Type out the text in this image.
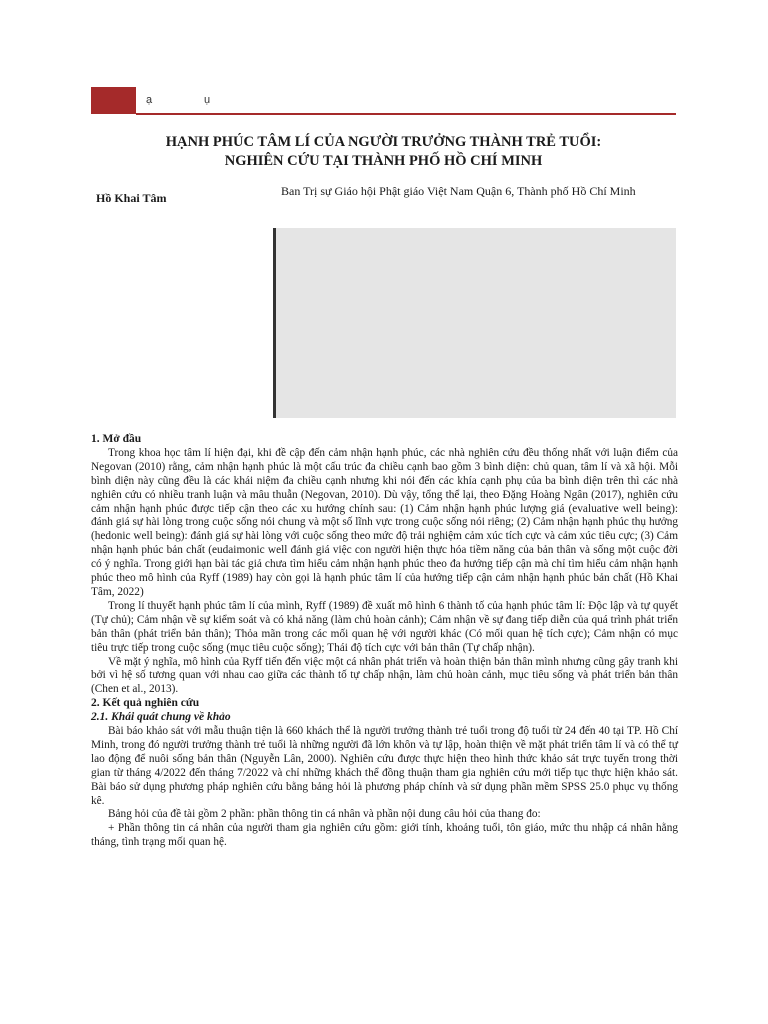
ạ	ụ
HẠNH PHÚC TÂM LÍ CỦA NGƯỜI TRƯỞNG THÀNH TRẺ TUỔI:
NGHIÊN CỨU TẠI THÀNH PHỐ HỒ CHÍ MINH
Hồ Khai Tâm	Ban Trị sự Giáo hội Phật giáo Việt Nam Quận 6, Thành phố Hồ Chí Minh
1. Mở đầu

Trong khoa học tâm lí hiện đại, khi đề cập đến cảm nhận hạnh phúc, các nhà nghiên cứu đều thống nhất với luận điểm của Negovan (2010) rằng, cảm nhận hạnh phúc là một cấu trúc đa chiều cạnh bao gồm 3 bình diện: chủ quan, tâm lí và xã hội. Mỗi bình diện này cũng đều là các khái niệm đa chiều cạnh nhưng khi nói đến các khía cạnh phụ của ba bình diện trên thì các nhà nghiên cứu có nhiều tranh luận và mâu thuẫn (Negovan, 2010). Dù vậy, tổng thể lại, theo Đặng Hoàng Ngân (2017), nghiên cứu cảm nhận hạnh phúc được tiếp cận theo các xu hướng chính sau: (1) Cảm nhận hạnh phúc lượng giá (evaluative well being): đánh giá sự hài lòng trong cuộc sống nói chung và một số lĩnh vực trong cuộc sống nói riêng; (2) Cảm nhận hạnh phúc thụ hưởng (hedonic well being): đánh giá sự hài lòng với cuộc sống theo mức độ trải nghiệm cảm xúc tích cực và cảm xúc tiêu cực; (3) Cảm nhận hạnh phúc bản chất (eudaimonic well đánh giá việc con người hiện thực hóa tiềm năng của bản thân và sống một cuộc đời có ý nghĩa. Trong giới hạn bài tác giả chưa tìm hiểu cảm nhận hạnh phúc theo đa hướng tiếp cận mà chỉ tìm hiểu cảm nhận hạnh phúc theo mô hình của Ryff (1989) hay còn gọi là hạnh phúc tâm lí của hướng tiếp cận cảm nhận hạnh phúc bản chất (Hồ Khai Tâm, 2022)

Trong lí thuyết hạnh phúc tâm lí của mình, Ryff (1989) đề xuất mô hình 6 thành tố của hạnh phúc tâm lí: Độc lập và tự quyết (Tự chủ); Cảm nhận về sự kiểm soát và có khả năng (làm chủ hoàn cảnh); Cảm nhận về sự đang tiếp diễn của quá trình phát triển bản thân (phát triển bản thân); Thỏa mãn trong các mối quan hệ với người khác (Có mối quan hệ tích cực); Cảm nhận có mục tiêu trực tiếp trong cuộc sống (mục tiêu cuộc sống); Thái độ tích cực với bản thân (Tự chấp nhận).

Về mặt ý nghĩa, mô hình của Ryff tiến đến việc một cá nhân phát triển và hoàn thiện bản thân mình nhưng cũng gây tranh khi bởi vì hệ số tương quan với nhau cao giữa các thành tố tự chấp nhận, làm chủ hoàn cảnh, mục tiêu sống và phát triển bản thân (Chen et al., 2013).

2. Kết quả nghiên cứu
2.1. Khái quát chung về khảo

Bài báo khảo sát với mẫu thuận tiện là 660 khách thể là người trưởng thành trẻ tuổi trong độ tuổi từ 24 đến 40 tại TP. Hồ Chí Minh, trong đó người trưởng thành trẻ tuổi là những người đã lớn khôn và tự lập, hoàn thiện về mặt phát triển tâm lí và có thể tự lao động để nuôi sống bản thân (Nguyễn Lân, 2000). Nghiên cứu được thực hiện theo hình thức khảo sát trực tuyến trong thời gian từ tháng 4/2022 đến tháng 7/2022 và chỉ những khách thể đồng thuận tham gia nghiên cứu mới tiếp tục thực hiện khảo sát. Bài báo sử dụng phương pháp nghiên cứu bằng bảng hỏi là phương pháp chính và sử dụng phần mềm SPSS 25.0 phục vụ thống kê.

Bảng hỏi của đề tài gồm 2 phần: phần thông tin cá nhân và phần nội dung câu hỏi của thang đo:

+ Phần thông tin cá nhân của người tham gia nghiên cứu gồm: giới tính, khoảng tuổi, tôn giáo, mức thu nhập cá nhân hằng tháng, tình trạng mối quan hệ.
